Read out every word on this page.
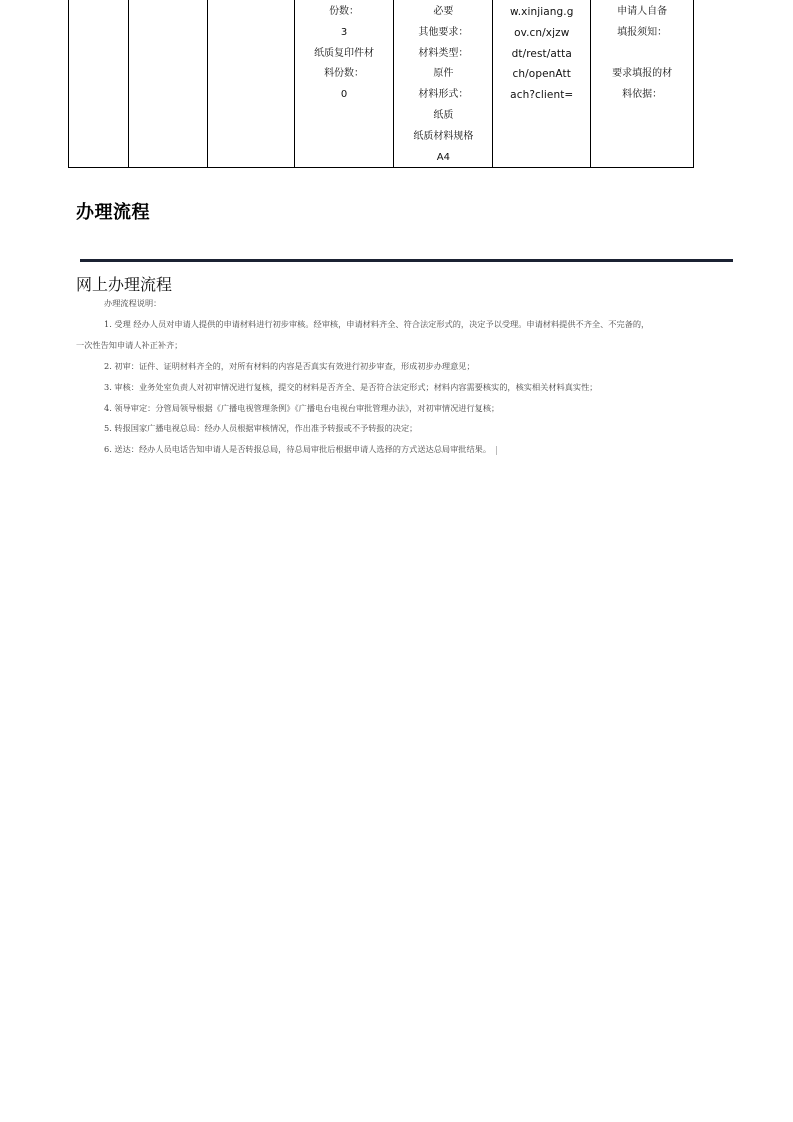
份数：
3
纸质复印件材
料份数：
0
必要
其他要求：
材料类型：
原件
材料形式：
纸质
纸质材料规格
A4
w.xinjiang.g
ov.cn/xjzw
dt/rest/atta
ch/openAtt
ach?client=
申请人自备
填报须知：

要求填报的材
料依据：
办理流程
网上办理流程
办理流程说明：
1. 受理 经办人员对申请人提供的申请材料进行初步审核。经审核，申请材料齐全、符合法定形式的，决定予以受理。申请材料提供不齐全、不完备的，
一次性告知申请人补正补齐；
2. 初审：证件、证明材料齐全的，对所有材料的内容是否真实有效进行初步审查，形成初步办理意见；
3. 审核：业务处室负责人对初审情况进行复核，提交的材料是否齐全、是否符合法定形式；材料内容需要核实的，核实相关材料真实性；
4. 领导审定：分管局领导根据《广播电视管理条例》《广播电台电视台审批管理办法》，对初审情况进行复核；
5. 转报国家广播电视总局：经办人员根据审核情况，作出准予转报或不予转报的决定；
6. 送达：经办人员电话告知申请人是否转报总局，待总局审批后根据申请人选择的方式送达总局审批结果。
